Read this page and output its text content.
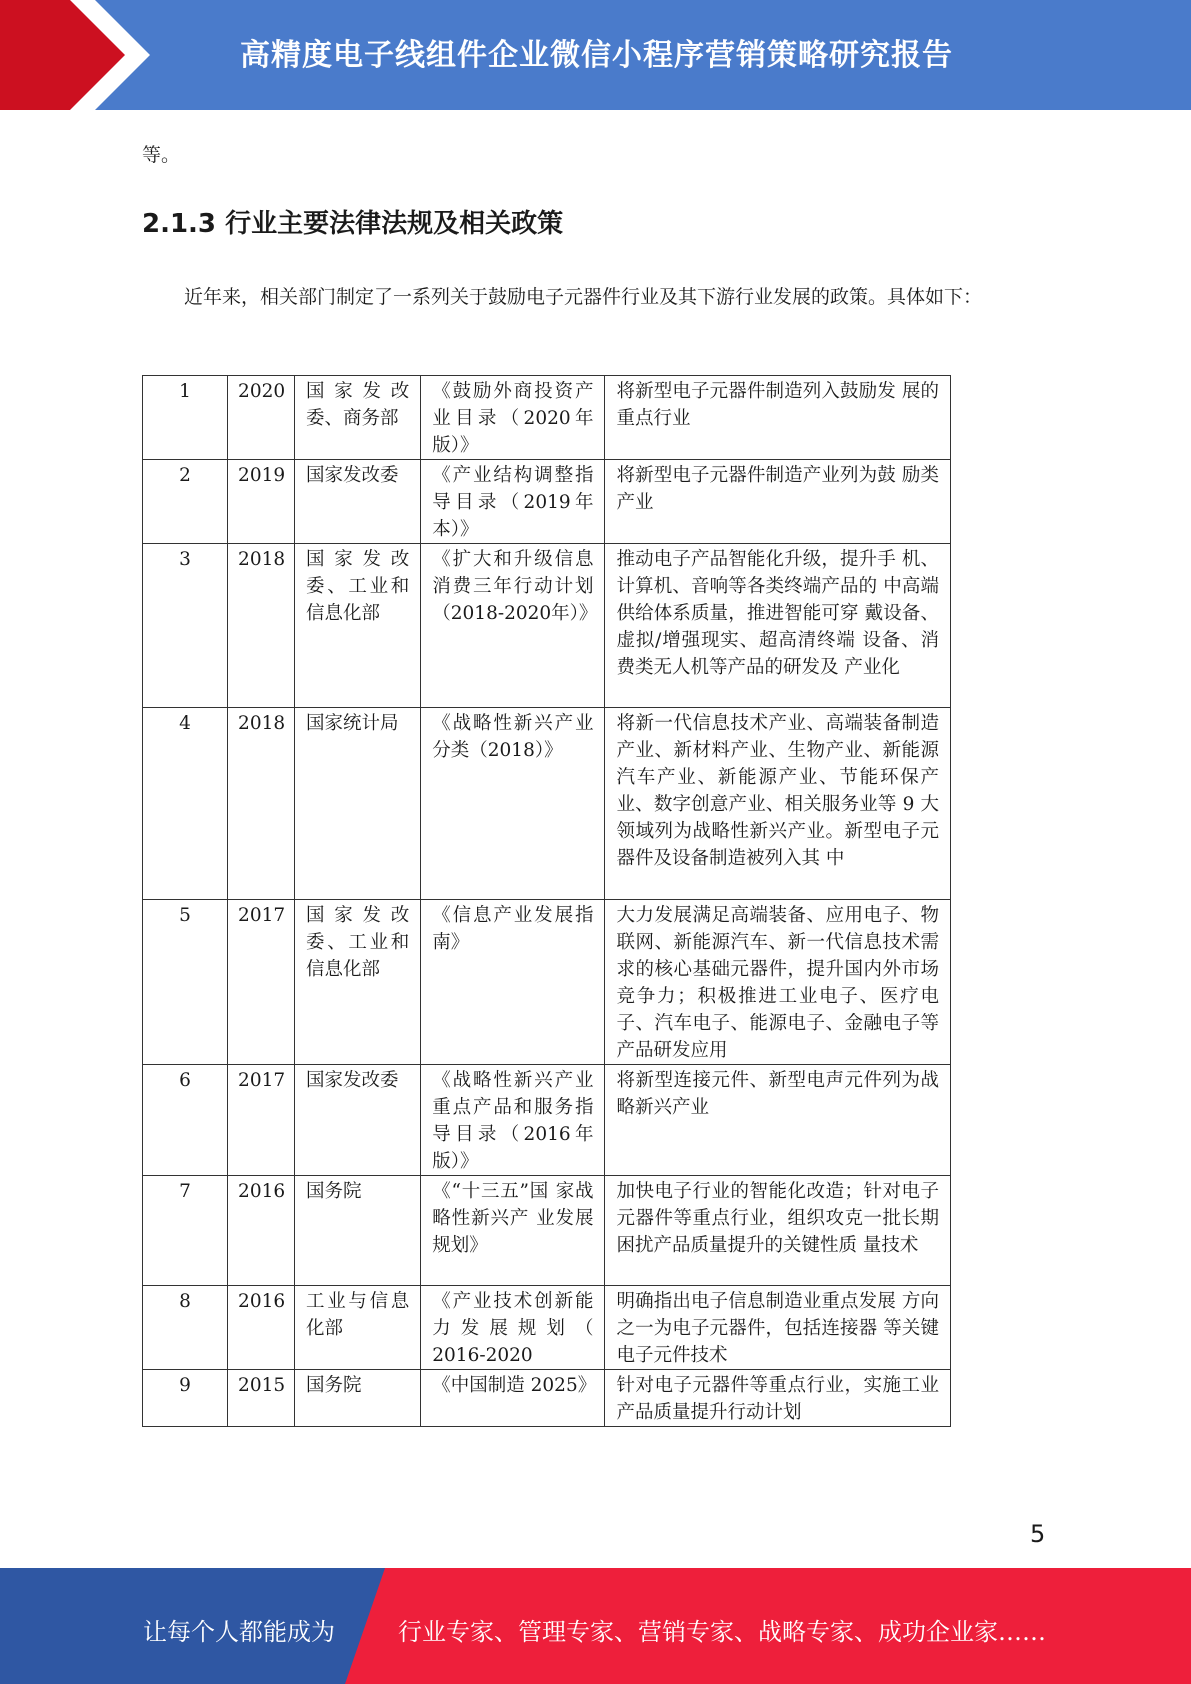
高精度电子线组件企业微信小程序营销策略研究报告
等。
2.1.3 行业主要法律法规及相关政策
近年来，相关部门制定了一系列关于鼓励电子元器件行业及其下游行业发展的政策。具体如下：
1	2020	国家发改委、商务部	《鼓励外商投资产业目录（2020年版）》	将新型电子元器件制造列入鼓励发 展的重点行业
2	2019	国家发改委	《产业结构调整指导目录（2019年本）》	将新型电子元器件制造产业列为鼓 励类产业
3	2018	国家发改委、工业和信息化部	《扩大和升级信息消费三年行动计划（2018-2020年）》	推动电子产品智能化升级，提升手 机、计算机、音响等各类终端产品的 中高端供给体系质量，推进智能可穿 戴设备、虚拟/增强现实、超高清终端 设备、消费类无人机等产品的研发及 产业化
4	2018	国家统计局	《战略性新兴产业分类（2018）》	将新一代信息技术产业、高端装备制造产业、新材料产业、生物产业、新能源汽车产业、新能源产业、节能环保产业、数字创意产业、相关服务业等 9 大领域列为战略性新兴产业。新型电子元器件及设备制造被列入其 中
5	2017	国家发改委、工业和信息化部	《信息产业发展指南》	大力发展满足高端装备、应用电子、物联网、新能源汽车、新一代信息技术需求的核心基础元器件，提升国内外市场竞争力；积极推进工业电子、医疗电子、汽车电子、能源电子、金融电子等产品研发应用
6	2017	国家发改委	《战略性新兴产业重点产品和服务指导目录（2016年版）》	将新型连接元件、新型电声元件列为战略新兴产业
7	2016	国务院	《“十三五”国 家战略性新兴产 业发展规划》	加快电子行业的智能化改造；针对电子元器件等重点行业，组织攻克一批长期困扰产品质量提升的关键性质 量技术
8	2016	工业与信息化部	《产业技术创新能力发展规划（ 2016-2020	明确指出电子信息制造业重点发展 方向之一为电子元器件，包括连接器 等关键电子元件技术
9	2015	国务院	《中国制造 2025》	针对电子元器件等重点行业，实施工业产品质量提升行动计划
5
让每个人都能成为	行业专家、管理专家、营销专家、战略专家、成功企业家……
